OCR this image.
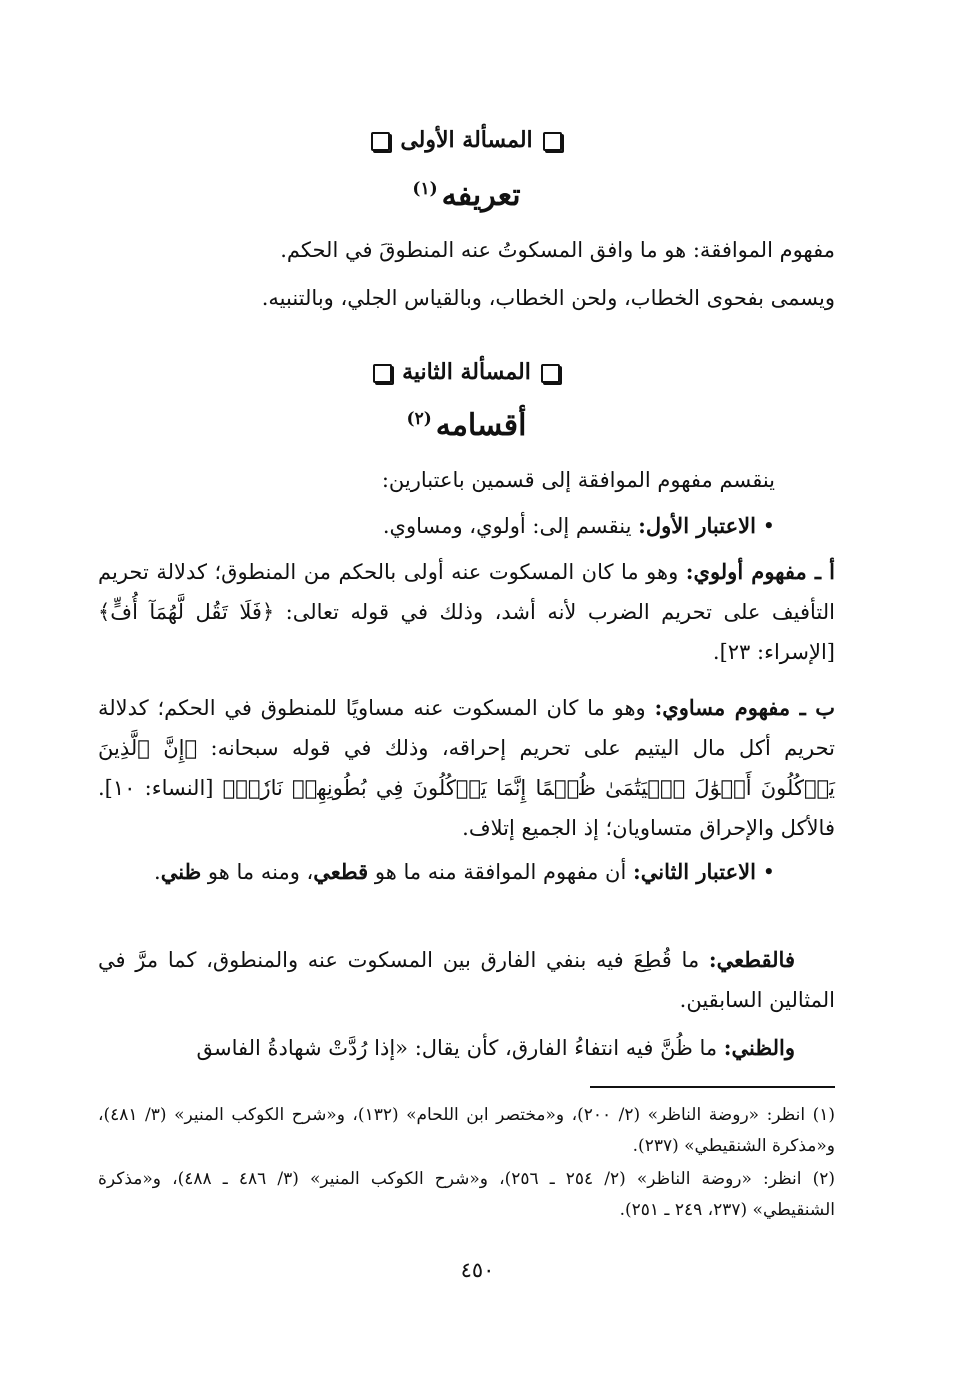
المسألة الأولى
تعريفه$^{(١)}$
مفهوم الموافقة: هو ما وافق المسكوتُ عنه المنطوقَ في الحكم.
ويسمى بفحوى الخطاب، ولحن الخطاب، وبالقياس الجلي، وبالتنبيه.
المسألة الثانية
أقسامه$^{(٢)}$
ينقسم مفهوم الموافقة إلى قسمين باعتبارين:
• الاعتبار الأول: ينقسم إلى: أولوي، ومساوي.
أ ـ مفهوم أولوي: وهو ما كان المسكوت عنه أولى بالحكم من المنطوق؛ كدلالة تحريم التأفيف على تحريم الضرب لأنه أشد، وذلك في قوله تعالى: ﴿فَلَا تَقُل لَّهُمَآ أُفٍّ﴾ [الإسراء: ٢٣].
ب ـ مفهوم مساوي: وهو ما كان المسكوت عنه مساويًا للمنطوق في الحكم؛ كدلالة تحريم أكل مال اليتيم على تحريم إحراقه، وذلك في قوله سبحانه: ﴿إِنَّ ٱلَّذِينَ يَأۡكُلُونَ أَمۡوَٰلَ ٱلۡيَتَٰمَىٰ ظُلۡمًا إِنَّمَا يَأۡكُلُونَ فِي بُطُونِهِمۡ نَارٗاۖ﴾ [النساء: ١٠]. فالأكل والإحراق متساويان؛ إذ الجميع إتلاف.
• الاعتبار الثاني: أن مفهوم الموافقة منه ما هو قطعي، ومنه ما هو ظني.
فالقطعي: ما قُطِعَ فيه بنفي الفارق بين المسكوت عنه والمنطوق، كما مرَّ في المثالين السابقين.
والظني: ما ظُنَّ فيه انتفاءُ الفارق، كأن يقال: «إذا رُدَّتْ شهادةُ الفاسق
(١) انظر: «روضة الناظر» (٢/ ٢٠٠)، و«مختصر ابن اللحام» (١٣٢)، و«شرح الكوكب المنير» (٣/ ٤٨١)، و«مذكرة الشنقيطي» (٢٣٧).
(٢) انظر: «روضة الناظر» (٢/ ٢٥٤ ـ ٢٥٦)، و«شرح الكوكب المنير» (٣/ ٤٨٦ ـ ٤٨٨)، و«مذكرة الشنقيطي» (٢٣٧، ٢٤٩ ـ ٢٥١).
٤٥٠
